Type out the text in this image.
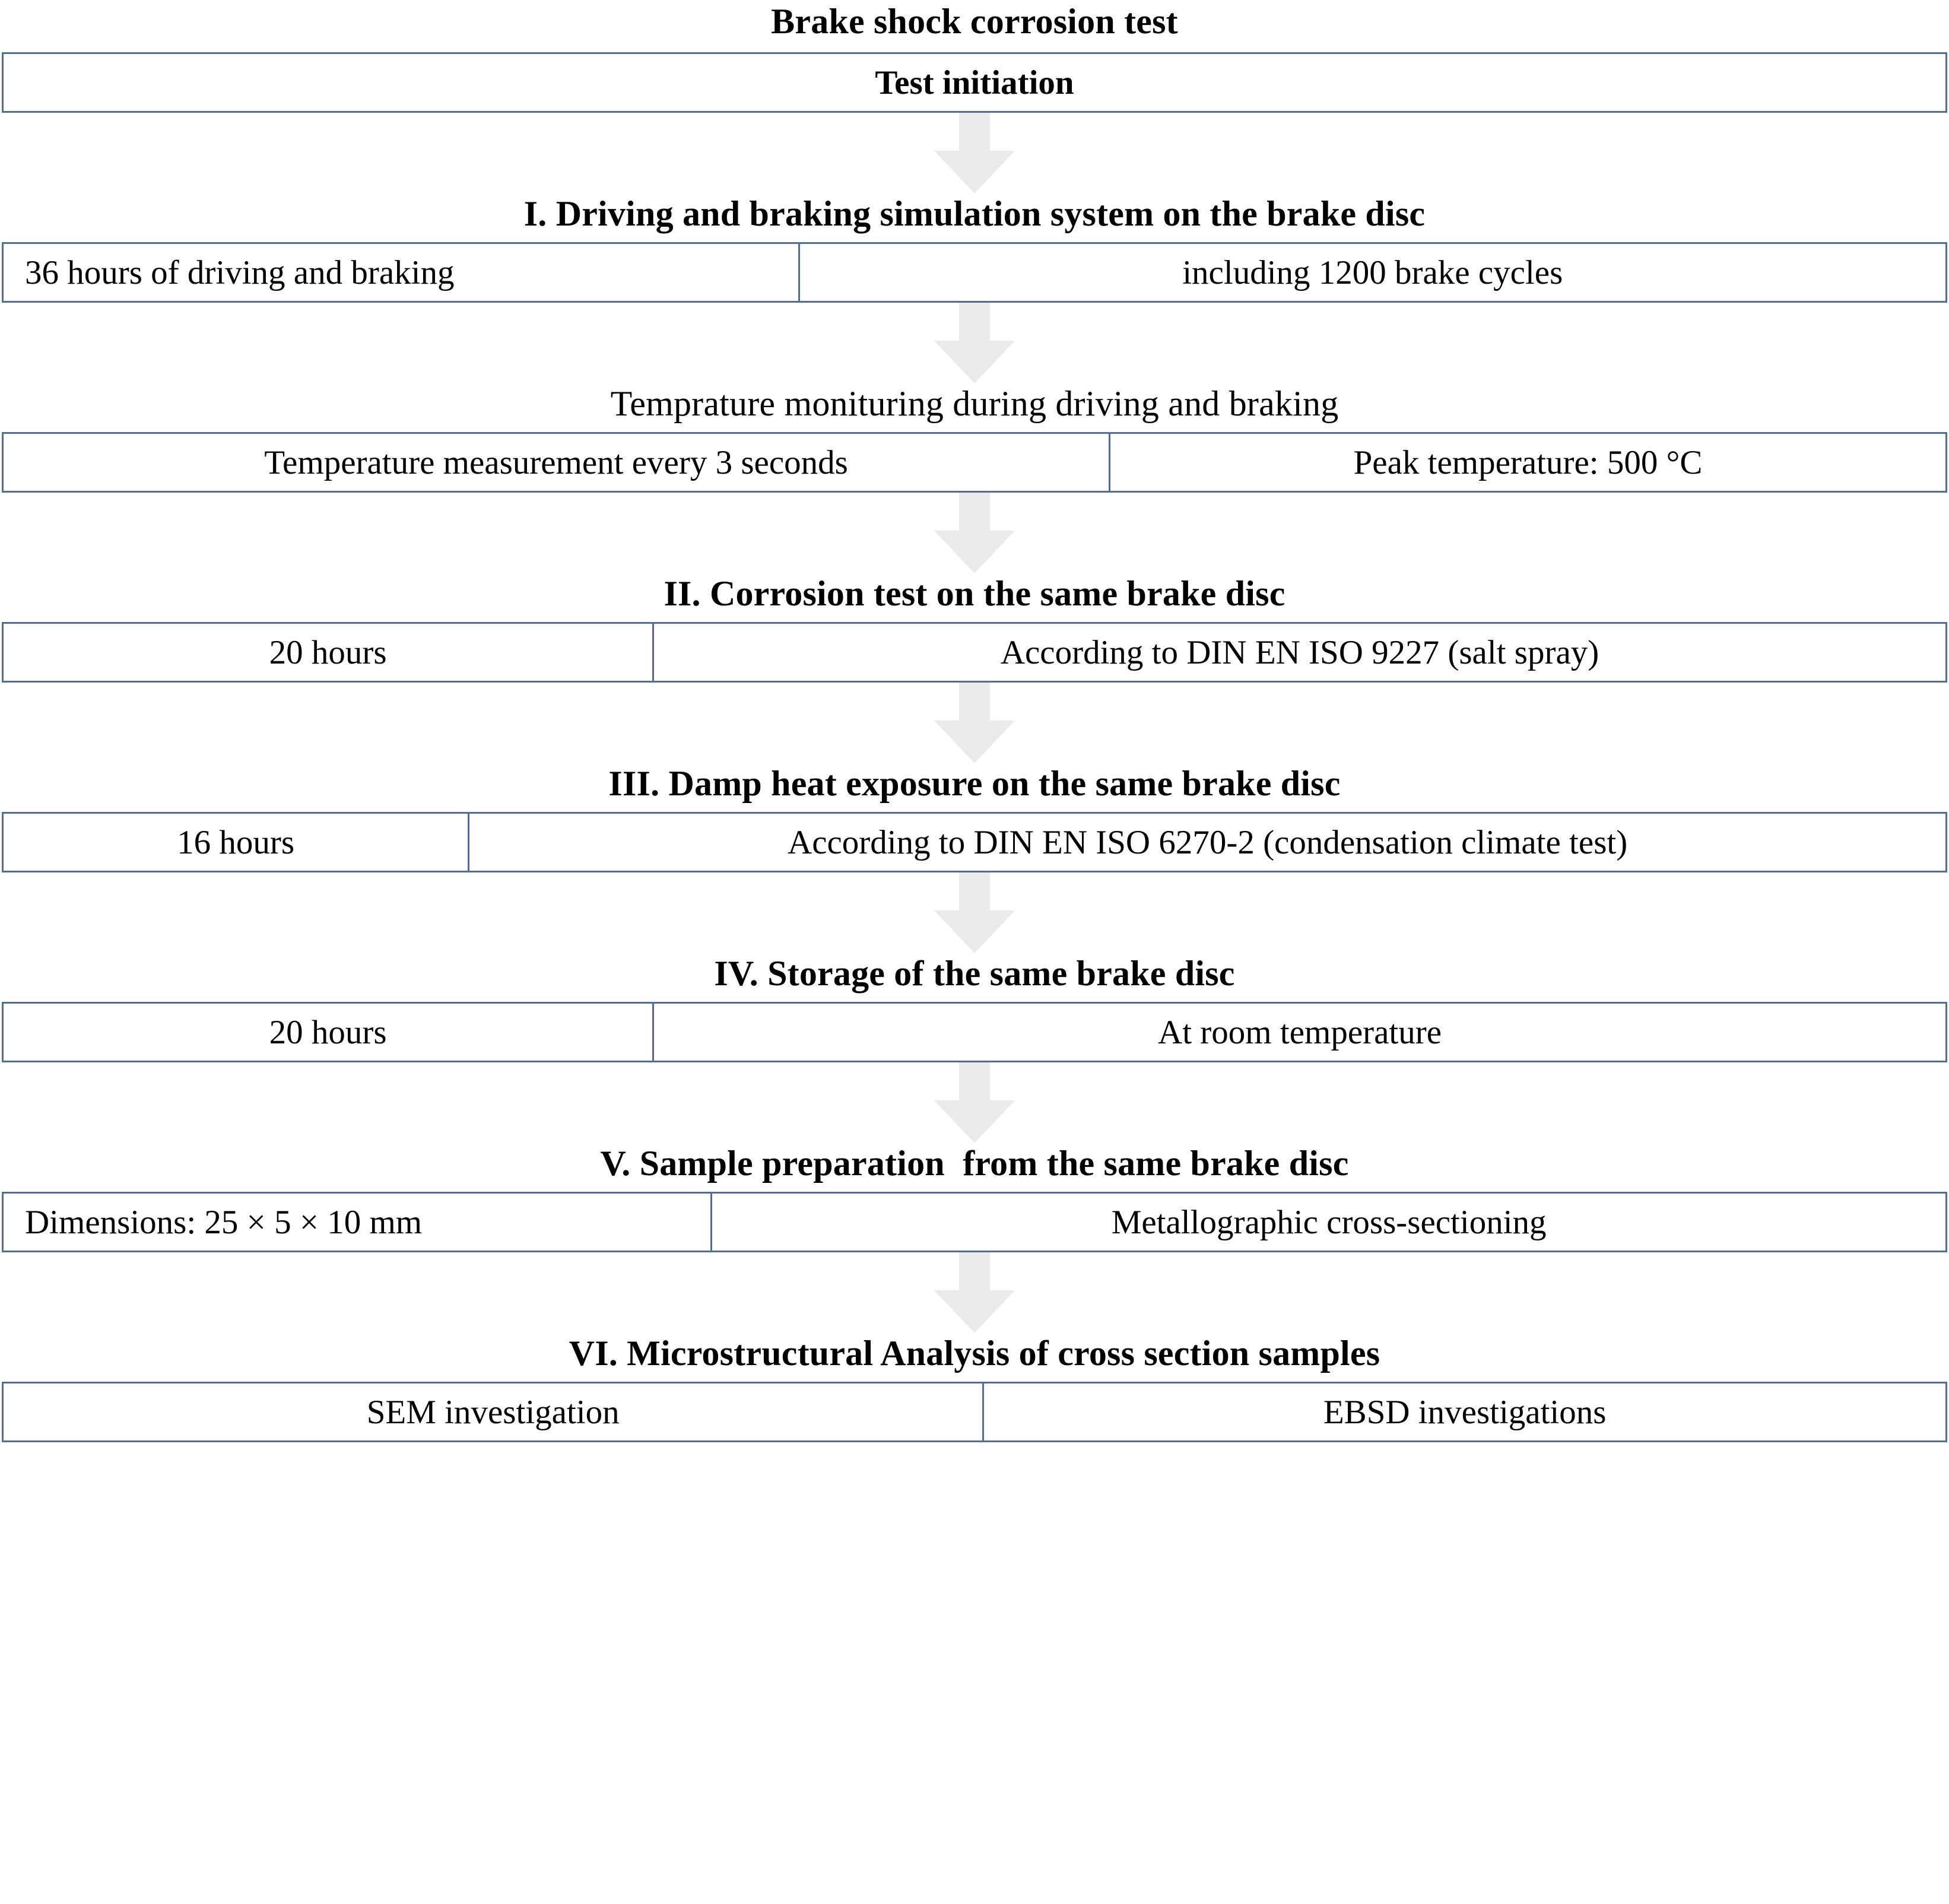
Brake shock corrosion test
Test initiation
I. Driving and braking simulation system on the brake disc
36 hours of driving and braking	including 1200 brake cycles
Temprature monituring during driving and braking
Temperature measurement every 3 seconds	Peak temperature: 500 °C
II. Corrosion test on the same brake disc
20 hours	According to DIN EN ISO 9227 (salt spray)
III. Damp heat exposure on the same brake disc
16 hours	According to DIN EN ISO 6270-2 (condensation climate test)
IV. Storage of the same brake disc
20 hours	At room temperature
V. Sample preparation  from the same brake disc
Dimensions: 25 × 5 × 10 mm	Metallographic cross-sectioning
VI. Microstructural Analysis of cross section samples
SEM investigation	EBSD investigations
